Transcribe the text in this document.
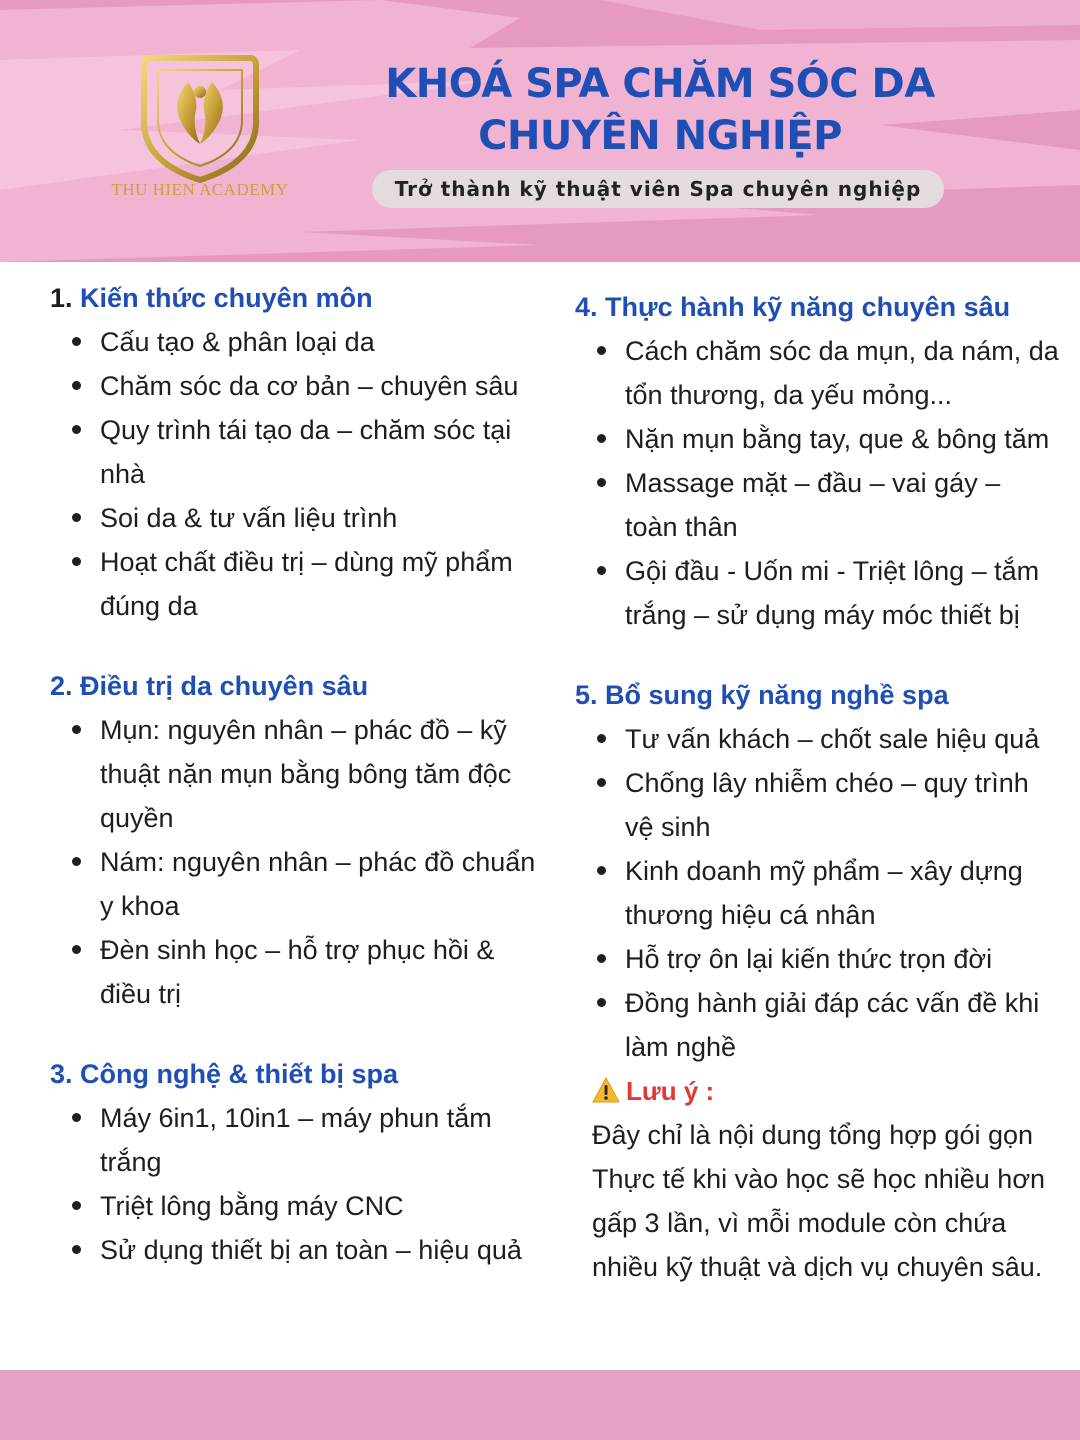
THU HIEN ACADEMY
KHOÁ SPA CHĂM SÓC DA
CHUYÊN NGHIỆP
Trở thành kỹ thuật viên Spa chuyên nghiệp
1. Kiến thức chuyên môn
Cấu tạo & phân loại da
Chăm sóc da cơ bản – chuyên sâu
Quy trình tái tạo da – chăm sóc tại nhà
Soi da & tư vấn liệu trình
Hoạt chất điều trị – dùng mỹ phẩm đúng da
2. Điều trị da chuyên sâu
Mụn: nguyên nhân – phác đồ – kỹ thuật nặn mụn bằng bông tăm độc quyền
Nám: nguyên nhân – phác đồ chuẩn y khoa
Đèn sinh học – hỗ trợ phục hồi & điều trị
3. Công nghệ & thiết bị spa
Máy 6in1, 10in1 – máy phun tắm trắng
Triệt lông bằng máy CNC
Sử dụng thiết bị an toàn – hiệu quả
4. Thực hành kỹ năng chuyên sâu
Cách chăm sóc da mụn, da nám, da tổn thương, da yếu mỏng...
Nặn mụn bằng tay, que & bông tăm
Massage mặt – đầu – vai gáy – toàn thân
Gội đầu - Uốn mi - Triệt lông – tắm trắng – sử dụng máy móc thiết bị
5. Bổ sung kỹ năng nghề spa
Tư vấn khách – chốt sale hiệu quả
Chống lây nhiễm chéo – quy trình vệ sinh
Kinh doanh mỹ phẩm – xây dựng thương hiệu cá nhân
Hỗ trợ ôn lại kiến thức trọn đời
Đồng hành giải đáp các vấn đề khi làm nghề
Lưu ý :
Đây chỉ là nội dung tổng hợp gói gọn Thực tế khi vào học sẽ học nhiều hơn gấp 3 lần, vì mỗi module còn chứa nhiều kỹ thuật và dịch vụ chuyên sâu.
